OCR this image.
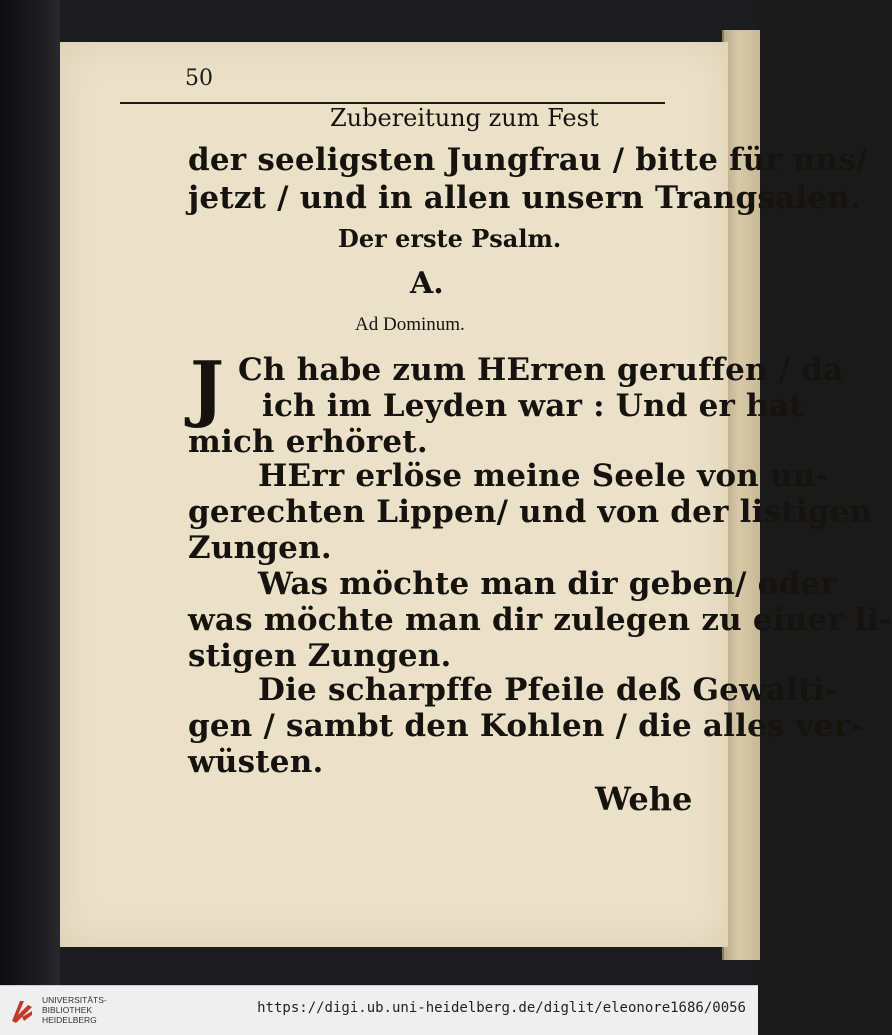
50
Zubereitung zum Fest
der seeligsten Jungfrau / bitte für uns/
jetzt / und in allen unsern Trangsalen.
Der erste Psalm.
A.
Ad Dominum.
J Ch habe zum HErren geruffen / da
ich im Leyden war : Und er hat
mich erhöret.
HErr erlöse meine Seele von un-
gerechten Lippen/ und von der listigen
Zungen.
Was möchte man dir geben/ oder
was möchte man dir zulegen zu einer li-
stigen Zungen.
Die scharpffe Pfeile deß Gewalti-
gen / sambt den Kohlen / die alles ver-
wüsten.
Wehe
UNIVERSITÄTS-
BIBLIOTHEK
HEIDELBERG
https://digi.ub.uni-heidelberg.de/diglit/eleonore1686/0056
